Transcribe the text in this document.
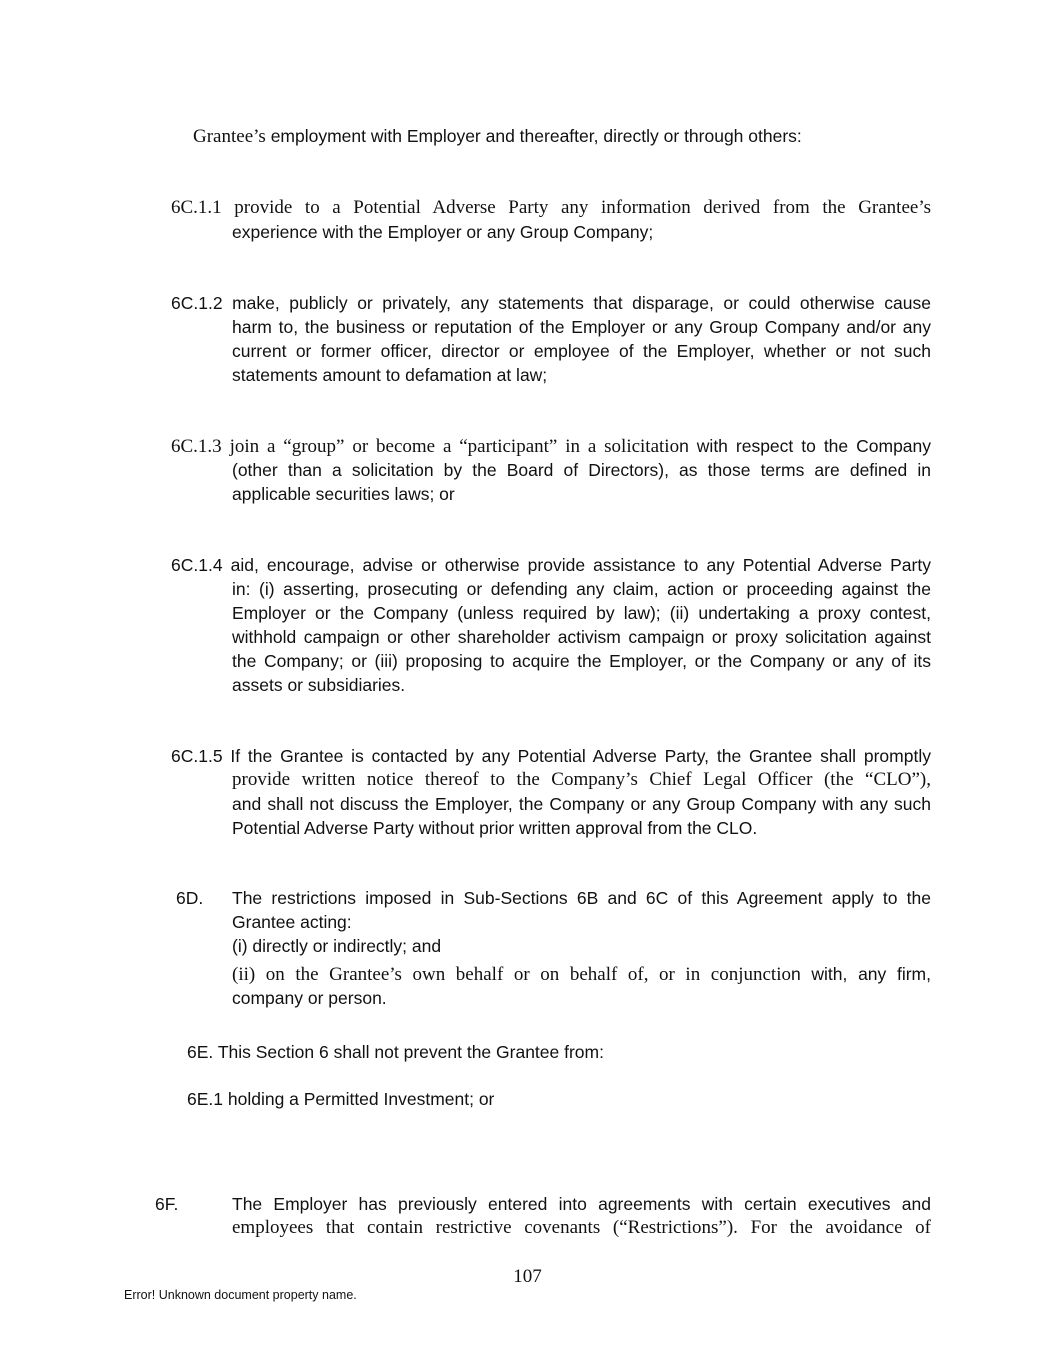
Grantee’s employment with Employer and thereafter, directly or through others:
6C.1.1 provide to a Potential Adverse Party any information derived from the Grantee’s
experience with the Employer or any Group Company;
6C.1.2 make, publicly or privately, any statements that disparage, or could otherwise cause
harm to, the business or reputation of the Employer or any Group Company and/or any current or former officer, director or employee of the Employer, whether or not such statements amount to defamation at law;
6C.1.3 join a “group” or become a “participant” in a solicitation with respect to the Company
(other than a solicitation by the Board of Directors), as those terms are defined in applicable securities laws; or
6C.1.4 aid, encourage, advise or otherwise provide assistance to any Potential Adverse Party
in: (i) asserting, prosecuting or defending any claim, action or proceeding against the Employer or the Company (unless required by law); (ii) undertaking a proxy contest, withhold campaign or other shareholder activism campaign or proxy solicitation against the Company; or (iii) proposing to acquire the Employer, or the Company or any of its assets or subsidiaries.
6C.1.5 If the Grantee is contacted by any Potential Adverse Party, the Grantee shall promptly
provide written notice thereof to the Company’s Chief Legal Officer (the “CLO”),
and shall not discuss the Employer, the Company or any Group Company with any such Potential Adverse Party without prior written approval from the CLO.
6D. The restrictions imposed in Sub-Sections 6B and 6C of this Agreement apply to the Grantee acting:
(i) directly or indirectly; and
(ii) on the Grantee’s own behalf or on behalf of, or in conjunction with, any firm,
company or person.
6E. This Section 6 shall not prevent the Grantee from:
6E.1 holding a Permitted Investment; or
6F.	The Employer has previously entered into agreements with certain executives and
employees that contain restrictive covenants (“Restrictions”). For the avoidance of
107
Error! Unknown document property name.
